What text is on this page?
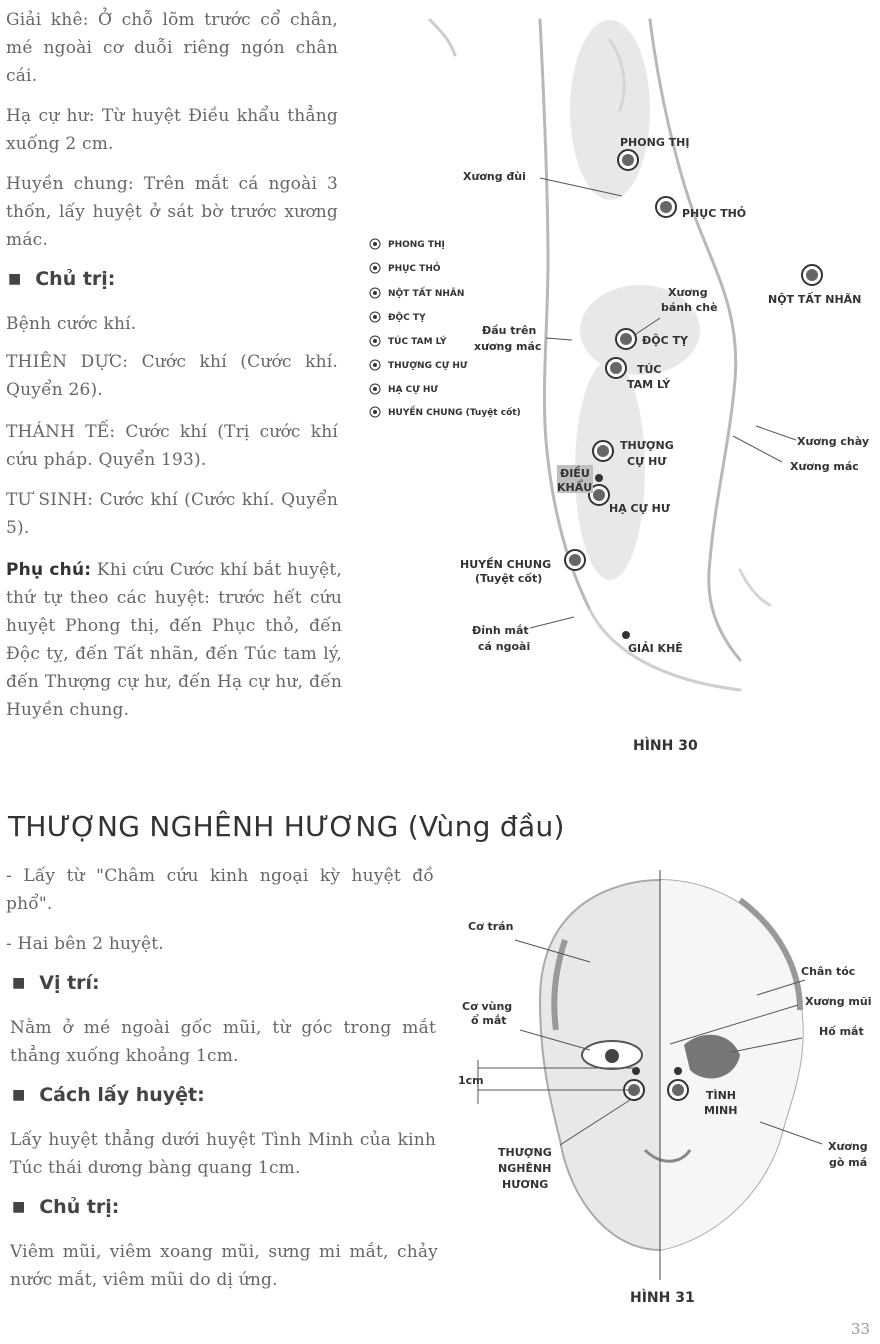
Giải khê: Ở chỗ lõm trước cổ chân, mé ngoài cơ duỗi riêng ngón chân cái.

Hạ cự hư: Từ huyệt Điều khẩu thẳng xuống 2 cm.

Huyền chung: Trên mắt cá ngoài 3 thốn, lấy huyệt ở sát bờ trước xương mác.

■ Chủ trị:

Bệnh cước khí.

THIÊN DỰC: Cước khí (Cước khí. Quyển 26).

THÁNH TẾ: Cước khí (Trị cước khí cứu pháp. Quyển 193).

TƯ SINH: Cước khí (Cước khí. Quyển 5).

Phụ chú: Khi cứu Cước khí bắt huyệt, thứ tự theo các huyệt: trước hết cứu huyệt Phong thị, đến Phục thỏ, đến Độc tỵ, đến Tất nhãn, đến Túc tam lý, đến Thượng cự hư, đến Hạ cự hư, đến Huyền chung.

PHONG THỊ
PHỤC THỎ
NỘT TẤT NHÃN
ĐỘC TỴ
TÚC TAM LÝ
THƯỢNG CỰ HƯ
HẠ CỰ HƯ
HUYỀN CHUNG (Tuyệt cốt)
PHONG THỊ
Xương đùi
PHỤC THỎ
NỘT TẤT NHÃN
Xương
bánh chè
Đầu trên
xương mác	ĐỘC TỴ
TÚC
TAM LÝ
THƯỢNG
CỰ HƯ
Xương chày
Xương mác
ĐIỀU
KHẨU
HẠ CỰ HƯ
HUYỀN CHUNG
(Tuyệt cốt)
Đỉnh mắt
cá ngoài	GIẢI KHÊ
HÌNH 30
THƯỢNG NGHÊNH HƯƠNG (Vùng đầu)

- Lấy từ "Châm cứu kinh ngoại kỳ huyệt đồ phổ".

- Hai bên 2 huyệt.

■ Vị trí:

Nằm ở mé ngoài gốc mũi, từ góc trong mắt thẳng xuống khoảng 1cm.

■ Cách lấy huyệt:

Lấy huyệt thẳng dưới huyệt Tình Minh của kinh Túc thái dương bàng quang 1cm.

■ Chủ trị:

Viêm mũi, viêm xoang mũi, sưng mi mắt, chảy nước mắt, viêm mũi do dị ứng.

Cơ trán
Chân tóc
Xương mũi
Hố mắt
Cơ vùng
ổ mắt
1cm
TÌNH
MINH
Xương
gò má
THƯỢNG
NGHÊNH
HƯƠNG
HÌNH 31
33
